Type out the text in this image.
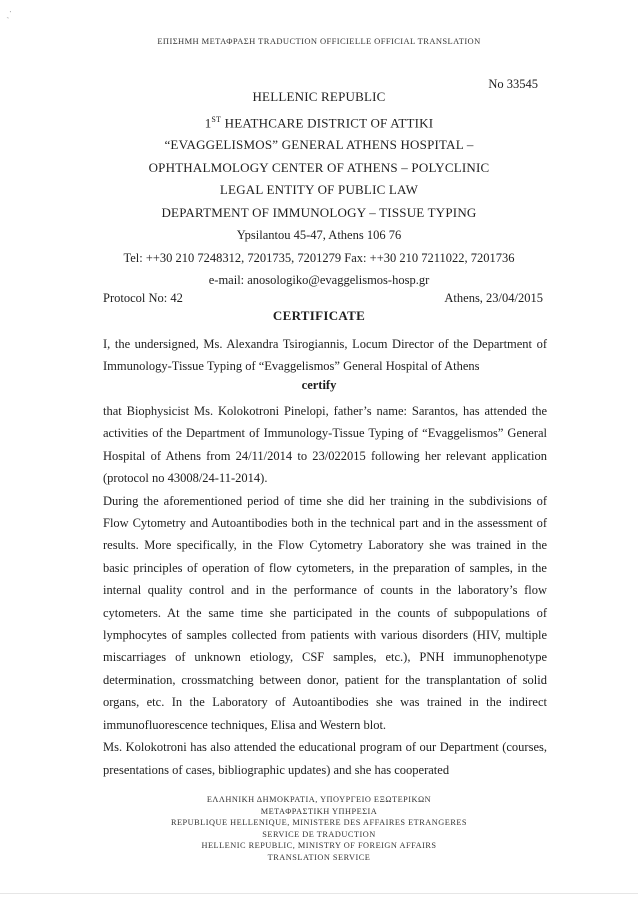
ˎ ·
ΕΠΙΣΗΜΗ ΜΕΤΑΦΡΑΣΗ TRADUCTION OFFICIELLE OFFICIAL TRANSLATION
No 33545
HELLENIC REPUBLIC
1ST HEATHCARE DISTRICT OF ATTIKI
“EVAGGELISMOS” GENERAL ATHENS HOSPITAL –
OPHTHALMOLOGY CENTER OF ATHENS – POLYCLINIC
LEGAL ENTITY OF PUBLIC LAW
DEPARTMENT OF IMMUNOLOGY – TISSUE TYPING
Ypsilantou 45-47, Athens 106 76
Tel: ++30 210 7248312, 7201735, 7201279 Fax: ++30 210 7211022, 7201736
e-mail: anosologiko@evaggelismos-hosp.gr
Protocol No: 42	Athens, 23/04/2015
CERTIFICATE

I, the undersigned, Ms. Alexandra Tsirogiannis, Locum Director of the Department of Immunology-Tissue Typing of “Evaggelismos” General Hospital of Athens

certify

that Biophysicist Ms. Kolokotroni Pinelopi, father’s name: Sarantos, has attended the activities of the Department of Immunology-Tissue Typing of “Evaggelismos” General Hospital of Athens from 24/11/2014 to 23/022015 following her relevant application (protocol no 43008/24-11-2014).

During the aforementioned period of time she did her training in the subdivisions of Flow Cytometry and Autoantibodies both in the technical part and in the assessment of results. More specifically, in the Flow Cytometry Laboratory she was trained in the basic principles of operation of flow cytometers, in the preparation of samples, in the internal quality control and in the performance of counts in the laboratory’s flow cytometers. At the same time she participated in the counts of subpopulations of lymphocytes of samples collected from patients with various disorders (HIV, multiple miscarriages of unknown etiology, CSF samples, etc.), PNH immunophenotype determination, crossmatching between donor, patient for the transplantation of solid organs, etc. In the Laboratory of Autoantibodies she was trained in the indirect immunofluorescence techniques, Elisa and Western blot.

Ms. Kolokotroni has also attended the educational program of our Department (courses, presentations of cases, bibliographic updates) and she has cooperated

ΕΛΛΗΝΙΚΗ ΔΗΜΟΚΡΑΤΙΑ, ΥΠΟΥΡΓΕΙΟ ΕΞΩΤΕΡΙΚΩΝ
ΜΕΤΑΦΡΑΣΤΙΚΗ ΥΠΗΡΕΣΙΑ
REPUBLIQUE HELLENIQUE, MINISTERE DES AFFAIRES ETRANGERES
SERVICE DE TRADUCTION
HELLENIC REPUBLIC, MINISTRY OF FOREIGN AFFAIRS
TRANSLATION SERVICE
